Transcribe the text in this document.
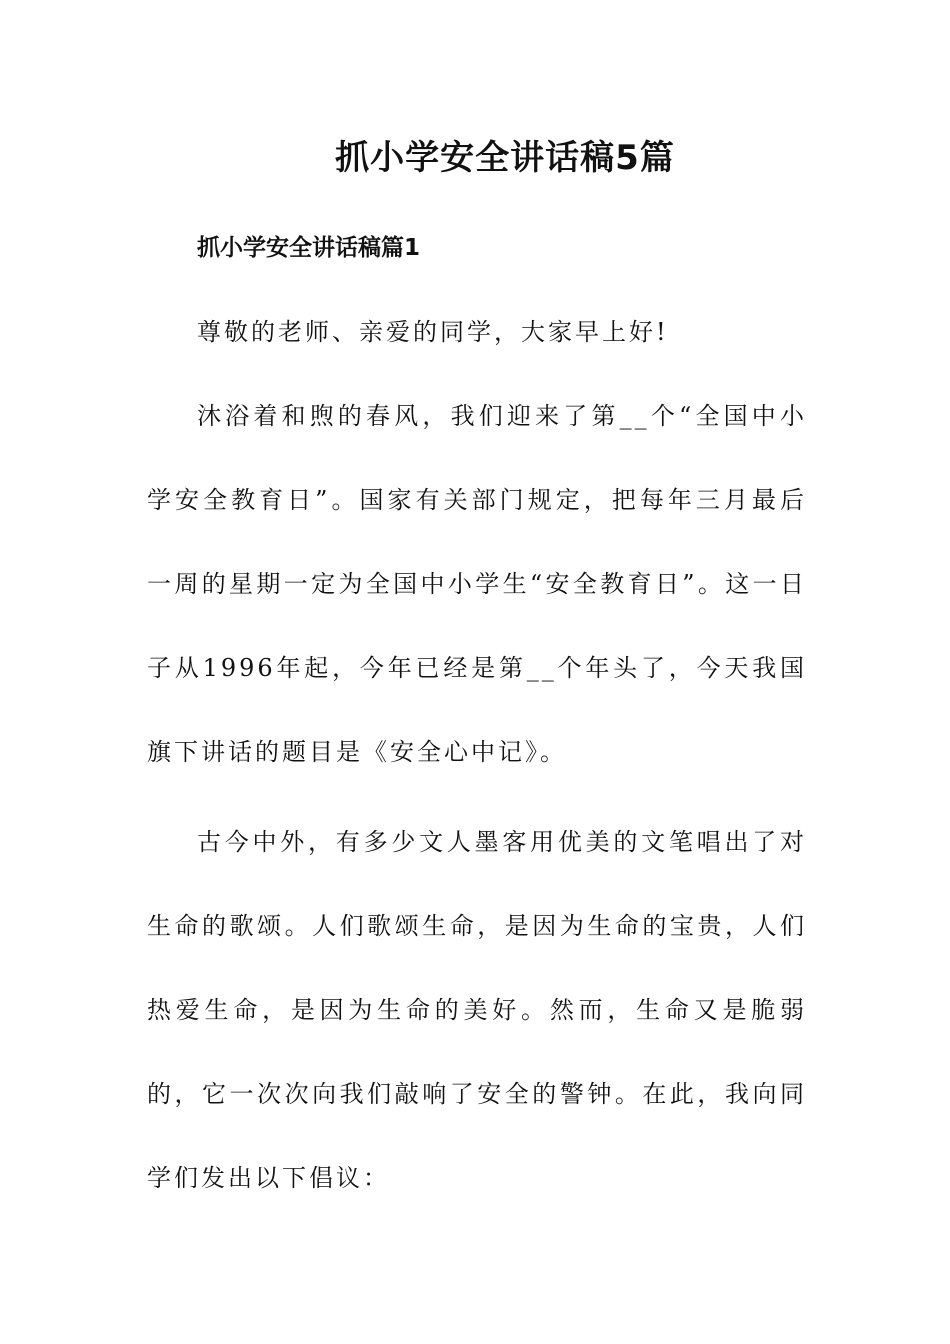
抓小学安全讲话稿5篇
抓小学安全讲话稿篇1

尊敬的老师、亲爱的同学，大家早上好!

沐浴着和煦的春风，我们迎来了第__个“全国中小学安全教育日”。国家有关部门规定，把每年三月最后一周的星期一定为全国中小学生“安全教育日”。这一日子从1996年起，今年已经是第__个年头了，今天我国旗下讲话的题目是《安全心中记》。

古今中外，有多少文人墨客用优美的文笔唱出了对生命的歌颂。人们歌颂生命，是因为生命的宝贵，人们热爱生命，是因为生命的美好。然而，生命又是脆弱的，它一次次向我们敲响了安全的警钟。在此，我向同学们发出以下倡议：
